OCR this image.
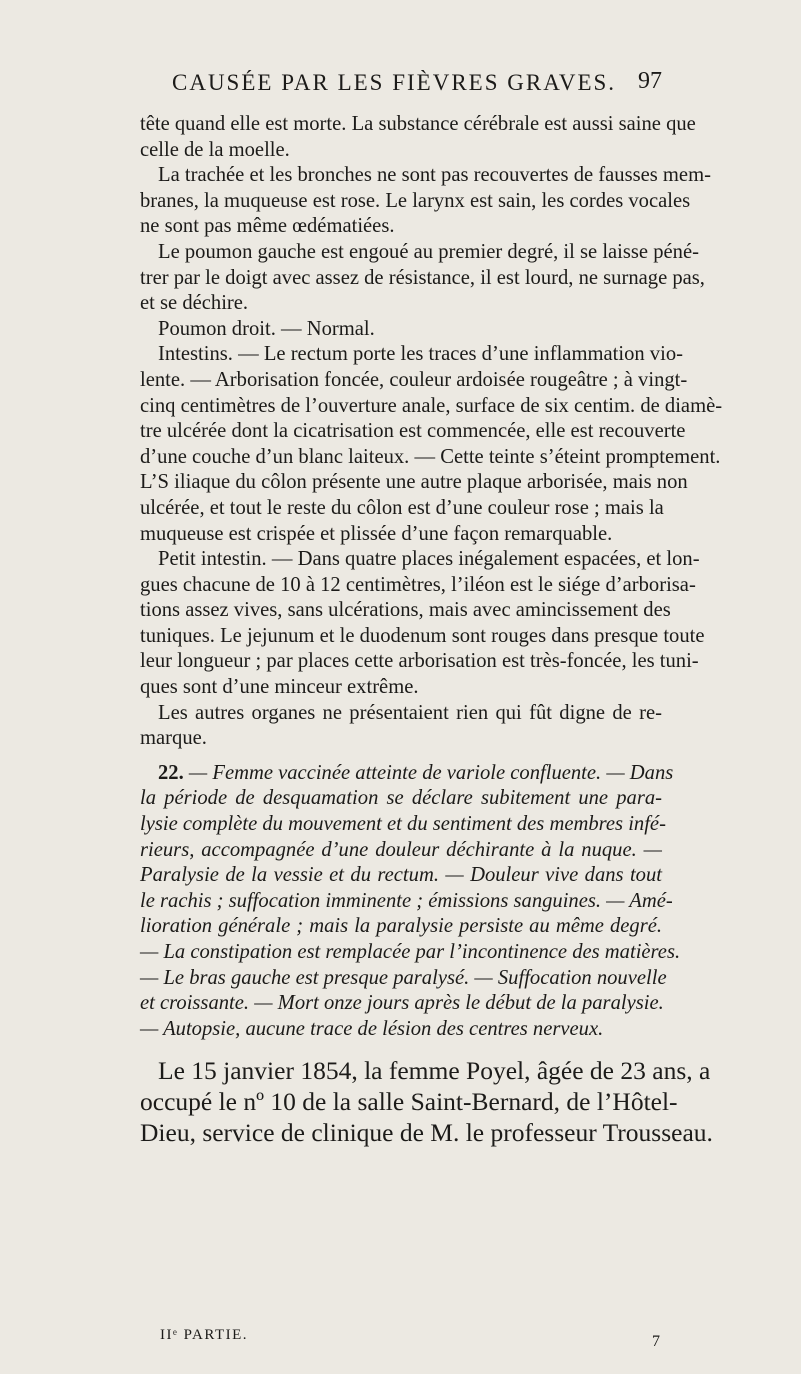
CAUSÉE PAR LES FIÈVRES GRAVES. 97
tête quand elle est morte. La substance cérébrale est aussi saine que
celle de la moelle.
La trachée et les bronches ne sont pas recouvertes de fausses mem-
branes, la muqueuse est rose. Le larynx est sain, les cordes vocales
ne sont pas même œdématiées.
Le poumon gauche est engoué au premier degré, il se laisse péné-
trer par le doigt avec assez de résistance, il est lourd, ne surnage pas,
et se déchire.
Poumon droit. — Normal.
Intestins. — Le rectum porte les traces d’une inflammation vio-
lente. — Arborisation foncée, couleur ardoisée rougeâtre ; à vingt-
cinq centimètres de l’ouverture anale, surface de six centim. de diamè-
tre ulcérée dont la cicatrisation est commencée, elle est recouverte
d’une couche d’un blanc laiteux. — Cette teinte s’éteint promptement.
L’S iliaque du côlon présente une autre plaque arborisée, mais non
ulcérée, et tout le reste du côlon est d’une couleur rose ; mais la
muqueuse est crispée et plissée d’une façon remarquable.
Petit intestin. — Dans quatre places inégalement espacées, et lon-
gues chacune de 10 à 12 centimètres, l’iléon est le siége d’arborisa-
tions assez vives, sans ulcérations, mais avec amincissement des
tuniques. Le jejunum et le duodenum sont rouges dans presque toute
leur longueur ; par places cette arborisation est très-foncée, les tuni-
ques sont d’une minceur extrême.
Les autres organes ne présentaient rien qui fût digne de re-
marque.
22. — Femme vaccinée atteinte de variole confluente. — Dans
la période de desquamation se déclare subitement une para-
lysie complète du mouvement et du sentiment des membres infé-
rieurs, accompagnée d’une douleur déchirante à la nuque. —
Paralysie de la vessie et du rectum. — Douleur vive dans tout
le rachis ; suffocation imminente ; émissions sanguines. — Amé-
lioration générale ; mais la paralysie persiste au même degré.
— La constipation est remplacée par l’incontinence des matières.
— Le bras gauche est presque paralysé. — Suffocation nouvelle
et croissante. — Mort onze jours après le début de la paralysie.
— Autopsie, aucune trace de lésion des centres nerveux.
Le 15 janvier 1854, la femme Poyel, âgée de 23 ans, a
occupé le nº 10 de la salle Saint-Bernard, de l’Hôtel-
Dieu, service de clinique de M. le professeur Trousseau.
IIᵉ PARTIE.	7
